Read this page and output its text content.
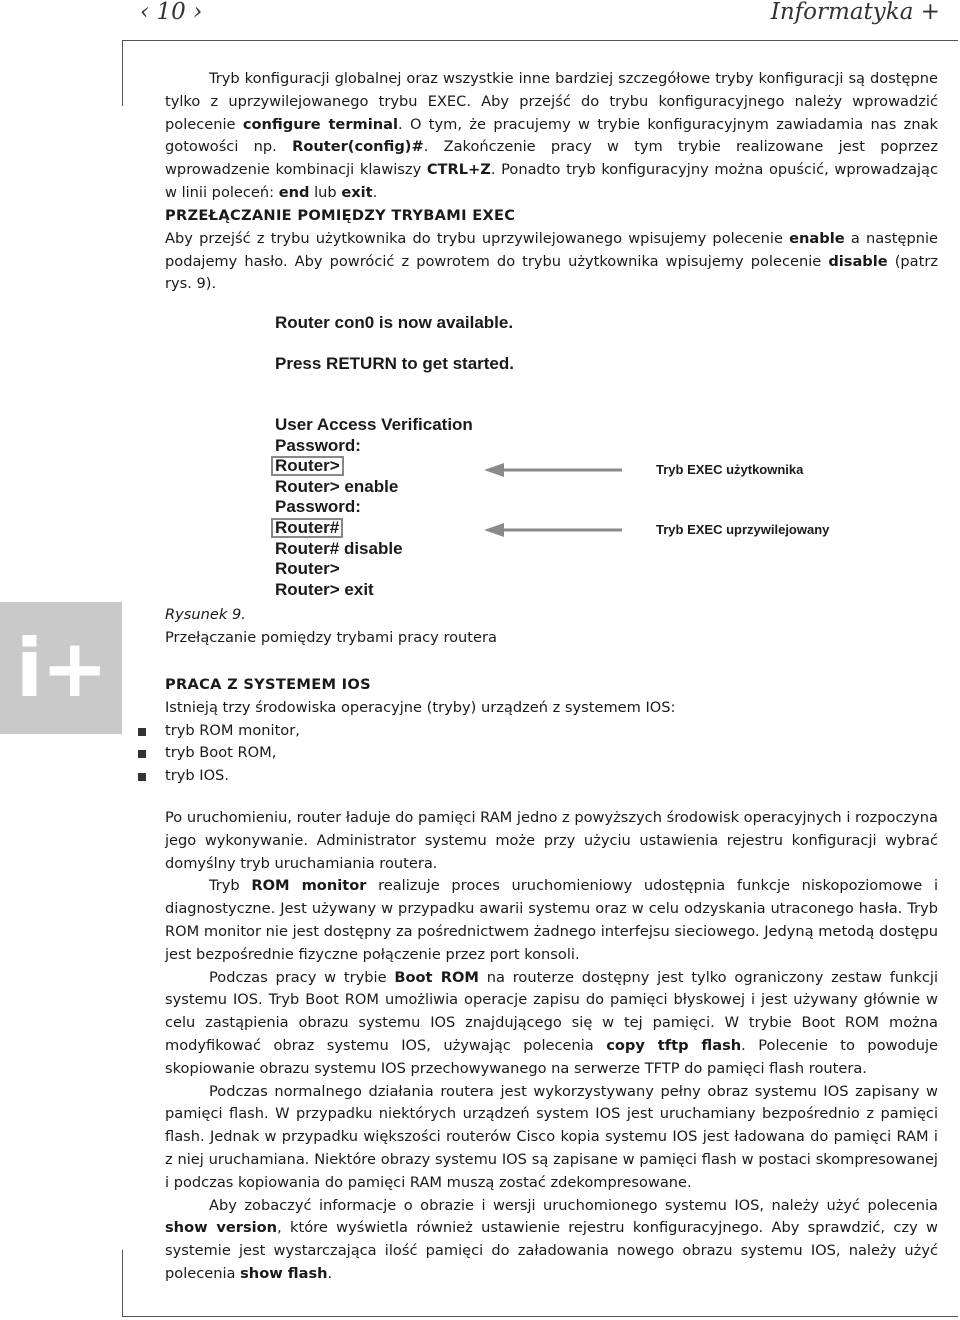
‹ 10 ›	Informatyka +
i+

Tryb konfiguracji globalnej oraz wszystkie inne bardziej szczegółowe tryby konfiguracji są dostępne tylko z uprzywilejowanego trybu EXEC. Aby przejść do trybu konfiguracyjnego należy wprowadzić polecenie configure terminal. O tym, że pracujemy w trybie konfiguracyjnym zawiadamia nas znak gotowości np. Router(config)#. Zakończenie pracy w tym trybie realizowane jest poprzez wprowadzenie kombinacji klawiszy CTRL+Z. Ponadto tryb konfiguracyjny można opuścić, wprowadzając w linii poleceń: end lub exit.

PRZEŁĄCZANIE POMIĘDZY TRYBAMI EXEC

Aby przejść z trybu użytkownika do trybu uprzywilejowanego wpisujemy polecenie enable a następnie podajemy hasło. Aby powrócić z powrotem do trybu użytkownika wpisujemy polecenie disable (patrz rys. 9).

Router con0 is now available.
Press RETURN to get started.
User Access Verification
Password:
Router>
Router> enable
Password:
Router#
Router# disable
Router>
Router> exit
Tryb EXEC użytkownika
Tryb EXEC uprzywilejowany
Rysunek 9.
Przełączanie pomiędzy trybami pracy routera
PRACA Z SYSTEMEM IOS

Istnieją trzy środowiska operacyjne (tryby) urządzeń z systemem IOS:

tryb ROM monitor,
tryb Boot ROM,
tryb IOS.

Po uruchomieniu, router ładuje do pamięci RAM jedno z powyższych środowisk operacyjnych i rozpoczyna jego wykonywanie. Administrator systemu może przy użyciu ustawienia rejestru konfiguracji wybrać domyślny tryb uruchamiania routera.

Tryb ROM monitor realizuje proces uruchomieniowy udostępnia funkcje niskopoziomowe i diagnostyczne. Jest używany w przypadku awarii systemu oraz w celu odzyskania utraconego hasła. Tryb ROM monitor nie jest dostępny za pośrednictwem żadnego interfejsu sieciowego. Jedyną metodą dostępu jest bezpośrednie fizyczne połączenie przez port konsoli.

Podczas pracy w trybie Boot ROM na routerze dostępny jest tylko ograniczony zestaw funkcji systemu IOS. Tryb Boot ROM umożliwia operacje zapisu do pamięci błyskowej i jest używany głównie w celu zastąpienia obrazu systemu IOS znajdującego się w tej pamięci. W trybie Boot ROM można modyfikować obraz systemu IOS, używając polecenia copy tftp flash. Polecenie to powoduje skopiowanie obrazu systemu IOS przechowywanego na serwerze TFTP do pamięci flash routera.

Podczas normalnego działania routera jest wykorzystywany pełny obraz systemu IOS zapisany w pamięci flash. W przypadku niektórych urządzeń system IOS jest uruchamiany bezpośrednio z pamięci flash. Jednak w przypadku większości routerów Cisco kopia systemu IOS jest ładowana do pamięci RAM i z niej uruchamiana. Niektóre obrazy systemu IOS są zapisane w pamięci flash w postaci skompresowanej i podczas kopiowania do pamięci RAM muszą zostać zdekompresowane.

Aby zobaczyć informacje o obrazie i wersji uruchomionego systemu IOS, należy użyć polecenia show version, które wyświetla również ustawienie rejestru konfiguracyjnego. Aby sprawdzić, czy w systemie jest wystarczająca ilość pamięci do załadowania nowego obrazu systemu IOS, należy użyć polecenia show flash.
